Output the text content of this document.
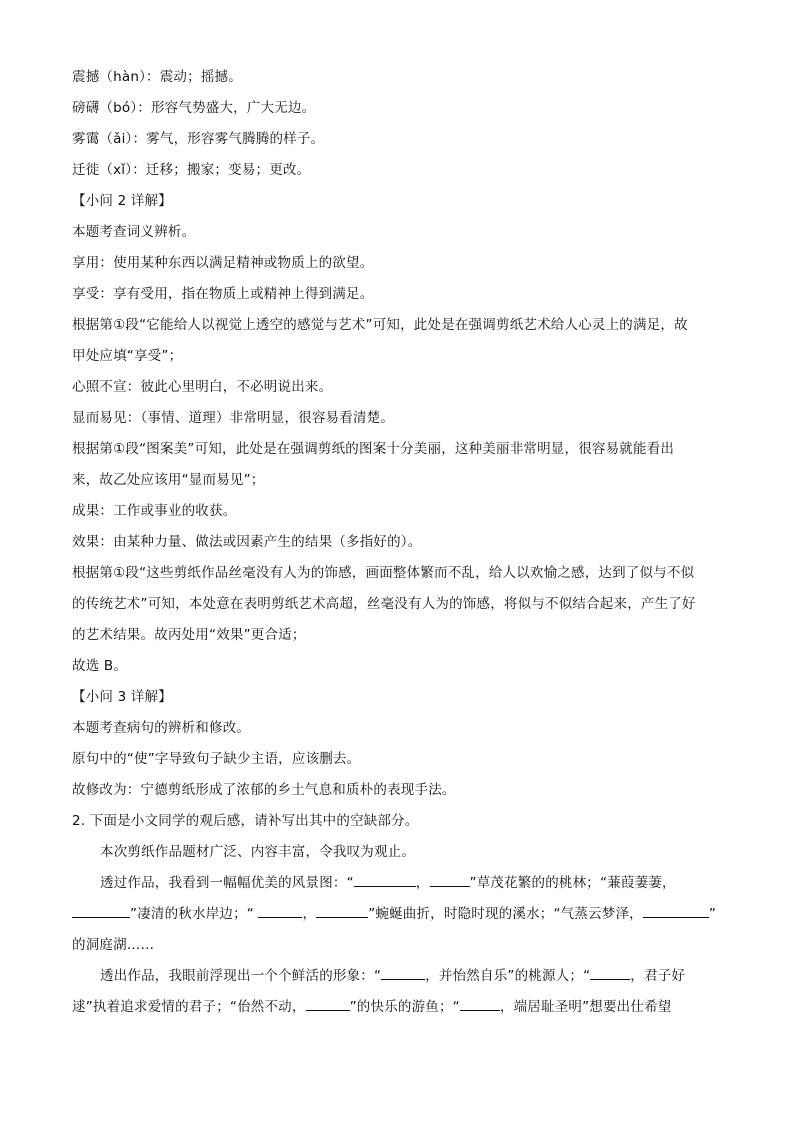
震撼（hàn）：震动；摇撼。
磅礴（bó）：形容气势盛大，广大无边。
雾霭（ǎi）：雾气，形容雾气腾腾的样子。
迁徙（xǐ）：迁移；搬家；变易；更改。
【小问 2 详解】
本题考查词义辨析。
享用：使用某种东西以满足精神或物质上的欲望。
享受：享有受用，指在物质上或精神上得到满足。
根据第①段“它能给人以视觉上透空的感觉与艺术”可知，此处是在强调剪纸艺术给人心灵上的满足，故
甲处应填“享受”；
心照不宣：彼此心里明白，不必明说出来。
显而易见：（事情、道理）非常明显，很容易看清楚。
根据第①段“图案美”可知，此处是在强调剪纸的图案十分美丽，这种美丽非常明显，很容易就能看出
来，故乙处应该用“显而易见”；
成果：工作或事业的收获。
效果：由某种力量、做法或因素产生的结果（多指好的）。
根据第①段“这些剪纸作品丝毫没有人为的饰感，画面整体繁而不乱，给人以欢愉之感，达到了似与不似
的传统艺术”可知，本处意在表明剪纸艺术高超，丝毫没有人为的饰感，将似与不似结合起来，产生了好
的艺术结果。故丙处用“效果”更合适；
故选 B。
【小问 3 详解】
本题考查病句的辨析和修改。
原句中的“使”字导致句子缺少主语，应该删去。
故修改为：宁德剪纸形成了浓郁的乡土气息和质朴的表现手法。
2. 下面是小文同学的观后感，请补写出其中的空缺部分。
本次剪纸作品题材广泛、内容丰富，令我叹为观止。
透过作品，我看到一幅幅优美的风景图：“	，	”草茂花繁的的桃林；“蒹葭萋萋，
”凄清的秋水岸边；“	，	”蜿蜒曲折，时隐时现的溪水；“气蒸云梦泽，	”
的洞庭湖……
透出作品，我眼前浮现出一个个鲜活的形象：“	，并怡然自乐”的桃源人；“	，君子好
逑”执着追求爱情的君子；“佁然不动，	”的快乐的游鱼；“	，端居耻圣明”想要出仕希望
